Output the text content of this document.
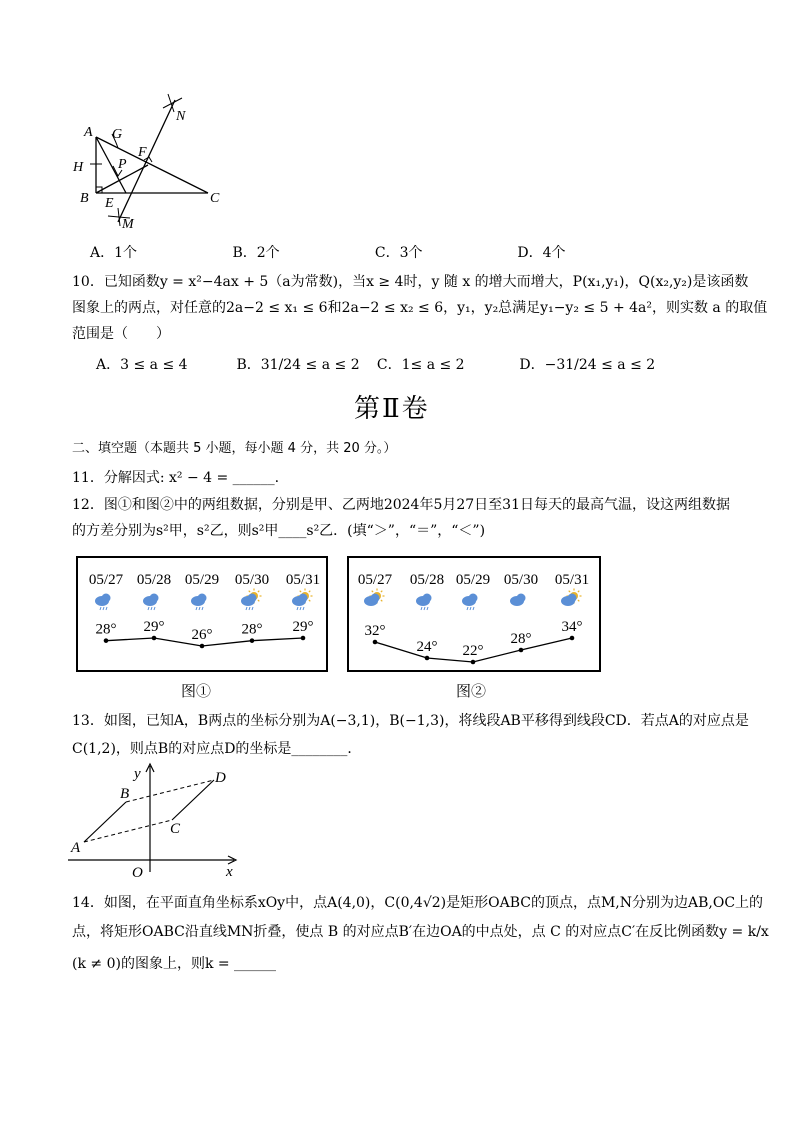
A G
H P
F
B E	C
M
N
A．1个	B．2个	C．3个	D．4个
10．已知函数y = x²−4ax + 5（a为常数)，当x ≥ 4时，y 随 x 的增大而增大，P(x₁,y₁)，Q(x₂,y₂)是该函数
图象上的两点，对任意的2a−2 ≤ x₁ ≤ 6和2a−2 ≤ x₂ ≤ 6，y₁，y₂总满足y₁−y₂ ≤ 5 + 4a²，则实数 a 的取值
范围是（　　）
A．3 ≤ a ≤ 4	B．31/24 ≤ a ≤ 2 C．1≤ a ≤ 2	D．−31/24 ≤ a ≤ 2
第Ⅱ卷
二、填空题（本题共 5 小题，每小题 4 分，共 20 分。）
11．分解因式: x² − 4 = ______.
12．图①和图②中的两组数据，分别是甲、乙两地2024年5月27日至31日每天的最高气温，设这两组数据
的方差分别为s²甲，s²乙，则s²甲____s²乙．(填“＞”，“＝”，“＜”)
05/27 05/28 05/29 05/30 05/31
28° 29° 26° 28° 29°
图①
05/27 05/28 05/29 05/30 05/31
32°
24° 22°
28°
34°
图②
13．如图，已知A，B两点的坐标分别为A(−3,1)，B(−1,3)，将线段AB平移得到线段CD．若点A的对应点是
C(1,2)，则点B的对应点D的坐标是________．
y	D
B
C
A
O	x
14．如图，在平面直角坐标系xOy中，点A(4,0)，C(0,4√2)是矩形OABC的顶点，点M,N分别为边AB,OC上的
点，将矩形OABC沿直线MN折叠，使点 B 的对应点B′在边OA的中点处，点 C 的对应点C′在反比例函数y = k/x
(k ≠ 0)的图象上，则k = ______
